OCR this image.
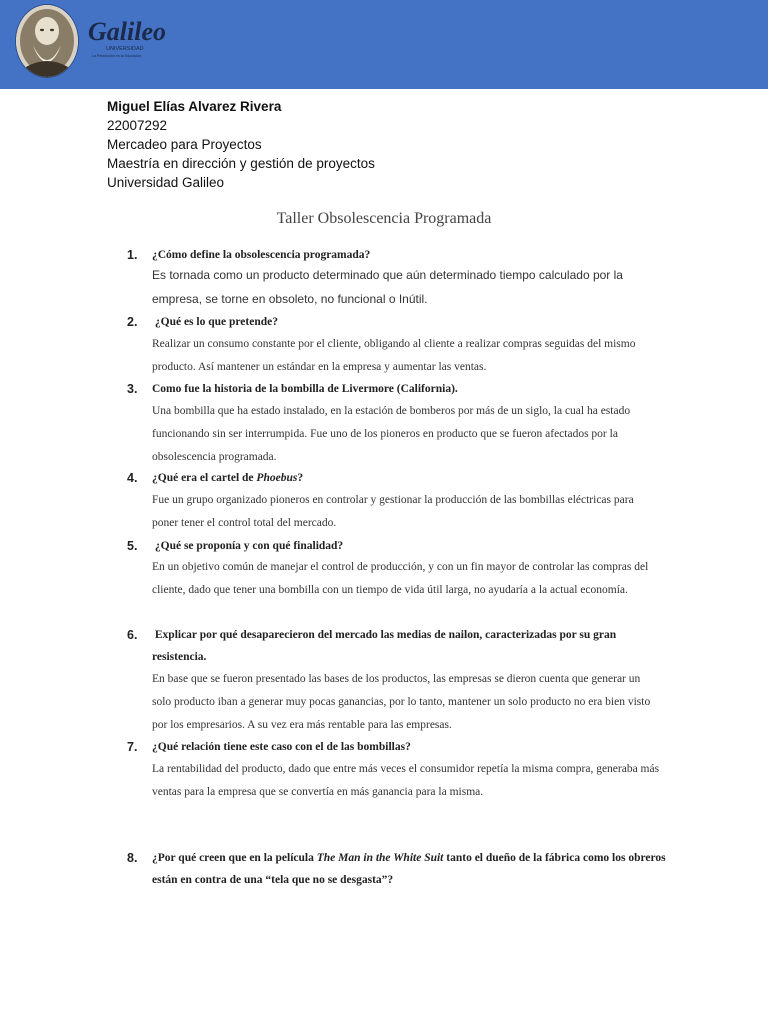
Galileo
UNIVERSIDAD
La Revolución en la Educación
Miguel Elías Alvarez Rivera
22007292
Mercadeo para Proyectos
Maestría en dirección y gestión de proyectos
Universidad Galileo
Taller Obsolescencia Programada
1.	¿Cómo define la obsolescencia programada?
Es tornada como un producto determinado que aún determinado tiempo calculado por la empresa, se torne en obsoleto, no funcional o Inútil.
2.	¿Qué es lo que pretende?
Realizar un consumo constante por el cliente, obligando al cliente a realizar compras seguidas del mismo producto. Así mantener un estándar en la empresa y aumentar las ventas.
3.	Como fue la historia de la bombilla de Livermore (California).
Una bombilla que ha estado instalado, en la estación de bomberos por más de un siglo, la cual ha estado funcionando sin ser interrumpida. Fue uno de los pioneros en producto que se fueron afectados por la obsolescencia programada.
4.	¿Qué era el cartel de Phoebus?
Fue un grupo organizado pioneros en controlar y gestionar la producción de las bombillas eléctricas para poner tener el control total del mercado.
5.	¿Qué se proponía y con qué finalidad?
En un objetivo común de manejar el control de producción, y con un fin mayor de controlar las compras del cliente, dado que tener una bombilla con un tiempo de vida útil larga, no ayudaría a la actual economía.
6.	Explicar por qué desaparecieron del mercado las medias de nailon, caracterizadas por su gran resistencia.
En base que se fueron presentado las bases de los productos, las empresas se dieron cuenta que generar un solo producto iban a generar muy pocas ganancias, por lo tanto, mantener un solo producto no era bien visto por los empresarios. A su vez era más rentable para las empresas.
7.	¿Qué relación tiene este caso con el de las bombillas?
La rentabilidad del producto, dado que entre más veces el consumidor repetía la misma compra, generaba más ventas para la empresa que se convertía en más ganancia para la misma.
8.	¿Por qué creen que en la película The Man in the White Suit tanto el dueño de la fábrica como los obreros están en contra de una “tela que no se desgasta”?
